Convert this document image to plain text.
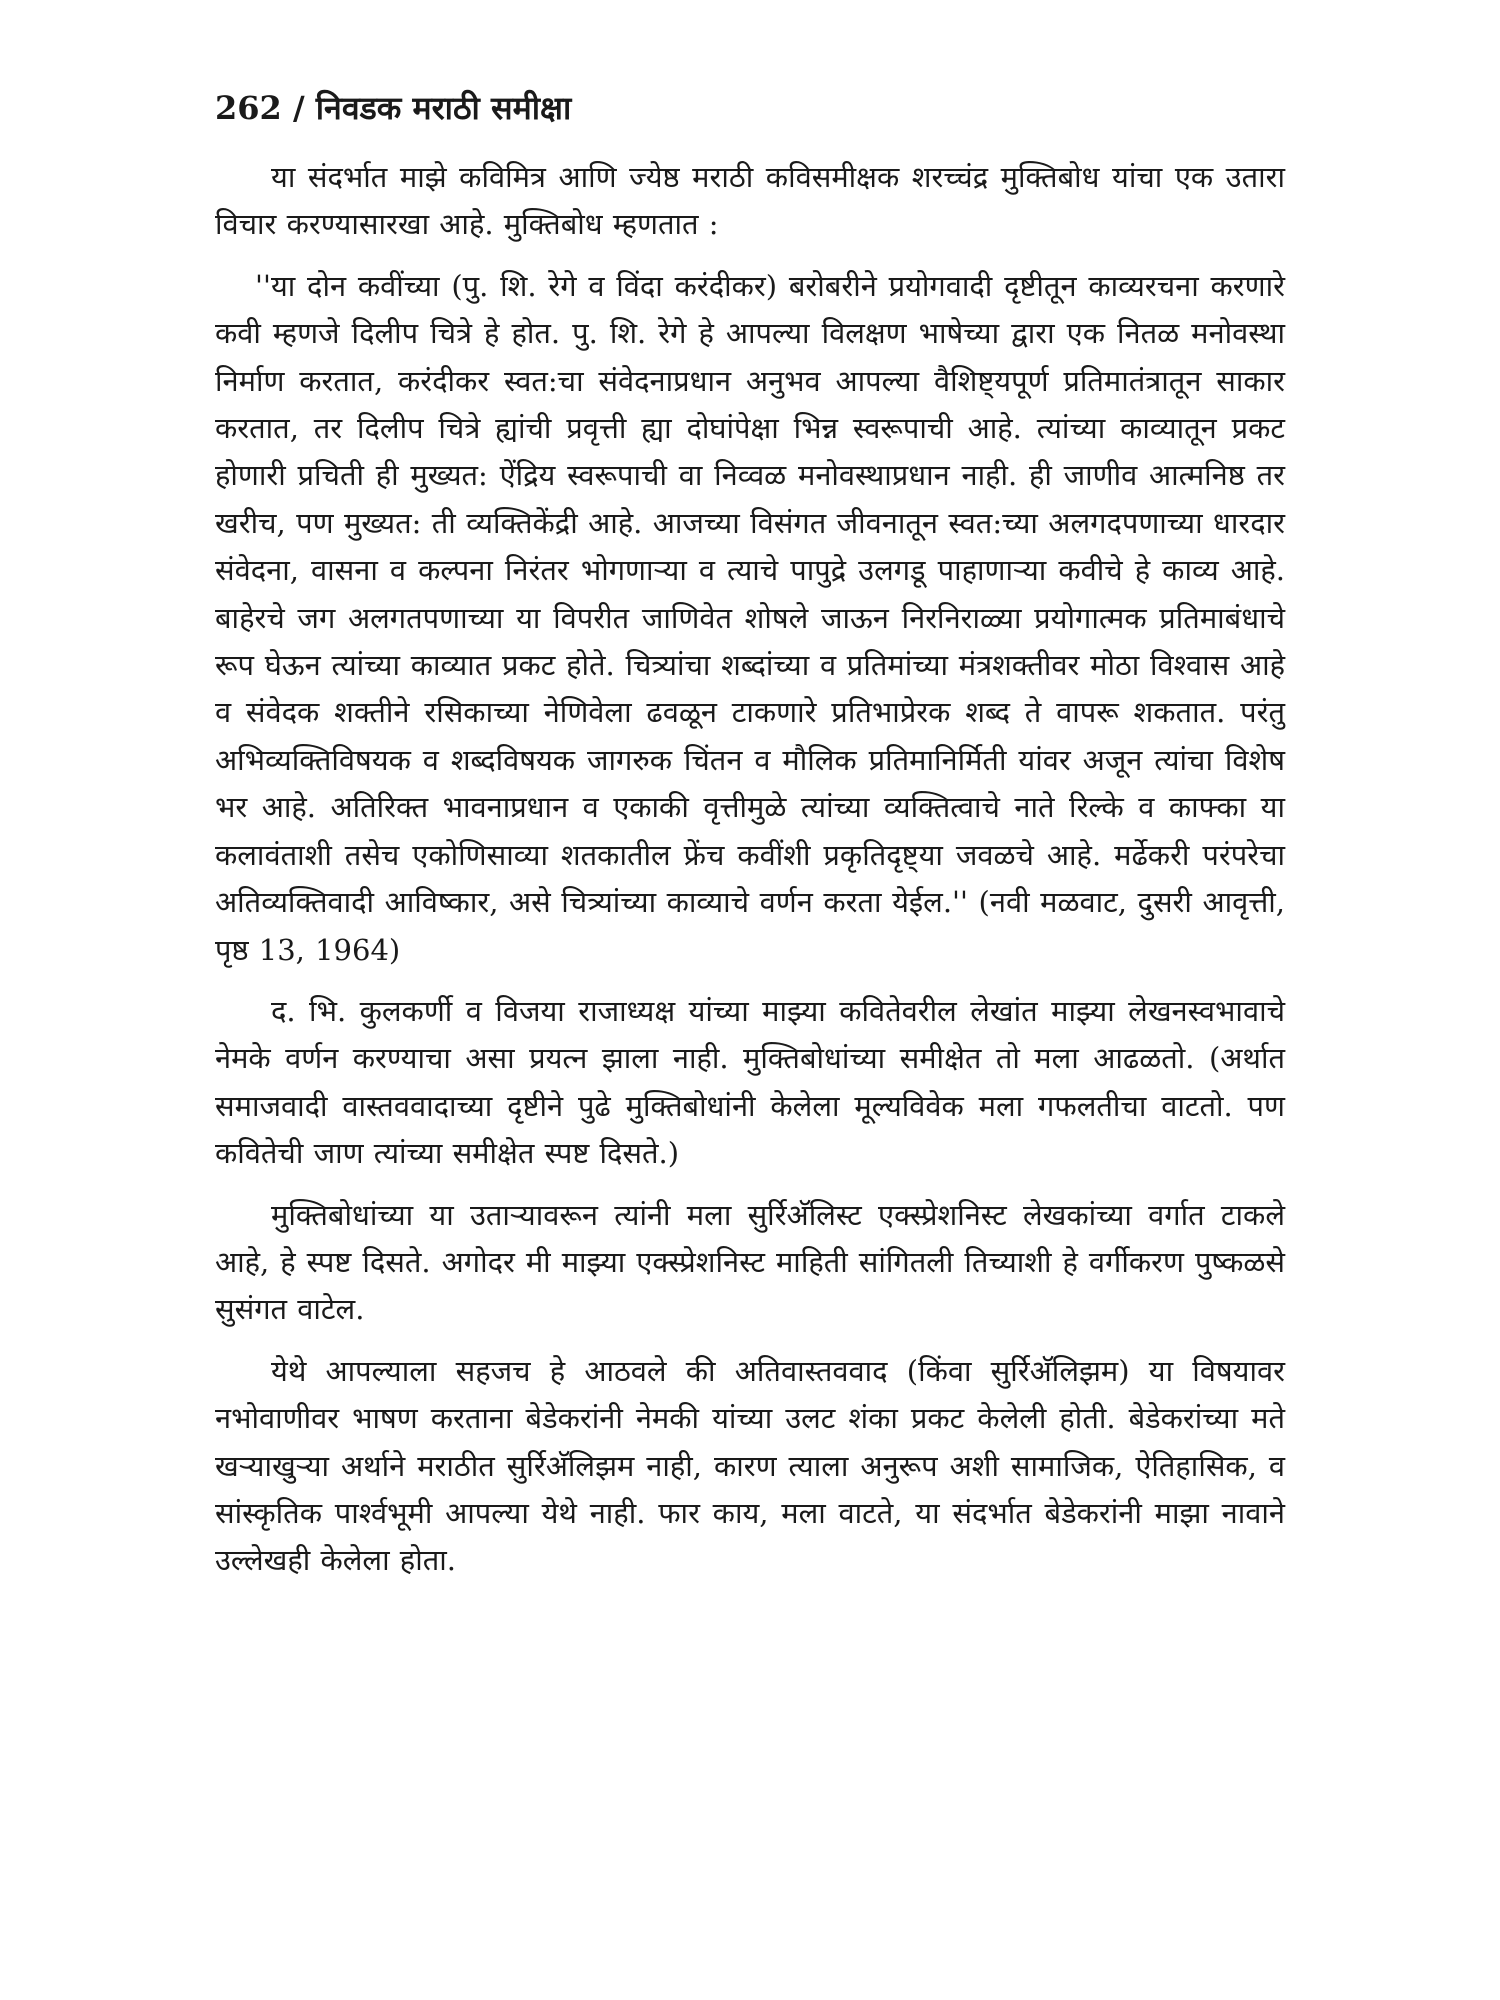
262 / निवडक मराठी समीक्षा

या संदर्भात माझे कविमित्र आणि ज्येष्ठ मराठी कविसमीक्षक शरच्चंद्र मुक्तिबोध यांचा एक उतारा विचार करण्यासारखा आहे. मुक्तिबोध म्हणतात :

''या दोन कवींच्या (पु. शि. रेगे व विंदा करंदीकर) बरोबरीने प्रयोगवादी दृष्टीतून काव्यरचना करणारे कवी म्हणजे दिलीप चित्रे हे होत. पु. शि. रेगे हे आपल्या विलक्षण भाषेच्या द्वारा एक नितळ मनोवस्था निर्माण करतात, करंदीकर स्वत:चा संवेदनाप्रधान अनुभव आपल्या वैशिष्ट्यपूर्ण प्रतिमातंत्रातून साकार करतात, तर दिलीप चित्रे ह्यांची प्रवृत्ती ह्या दोघांपेक्षा भिन्न स्वरूपाची आहे. त्यांच्या काव्यातून प्रकट होणारी प्रचिती ही मुख्यत: ऐंद्रिय स्वरूपाची वा निव्वळ मनोवस्थाप्रधान नाही. ही जाणीव आत्मनिष्ठ तर खरीच, पण मुख्यत: ती व्यक्तिकेंद्री आहे. आजच्या विसंगत जीवनातून स्वत:च्या अलगदपणाच्या धारदार संवेदना, वासना व कल्पना निरंतर भोगणाऱ्या व त्याचे पापुद्रे उलगडू पाहाणाऱ्या कवीचे हे काव्य आहे. बाहेरचे जग अलगतपणाच्या या विपरीत जाणिवेत शोषले जाऊन निरनिराळ्या प्रयोगात्मक प्रतिमाबंधाचे रूप घेऊन त्यांच्या काव्यात प्रकट होते. चित्र्यांचा शब्दांच्या व प्रतिमांच्या मंत्रशक्तीवर मोठा विश्वास आहे व संवेदक शक्तीने रसिकाच्या नेणिवेला ढवळून टाकणारे प्रतिभाप्रेरक शब्द ते वापरू शकतात. परंतु अभिव्यक्तिविषयक व शब्दविषयक जागरुक चिंतन व मौलिक प्रतिमानिर्मिती यांवर अजून त्यांचा विशेष भर आहे. अतिरिक्त भावनाप्रधान व एकाकी वृत्तीमुळे त्यांच्या व्यक्तित्वाचे नाते रिल्के व काफ्का या कलावंताशी तसेच एकोणिसाव्या शतकातील फ्रेंच कवींशी प्रकृतिदृष्ट्या जवळचे आहे. मर्ढेकरी परंपरेचा अतिव्यक्तिवादी आविष्कार, असे चित्र्यांच्या काव्याचे वर्णन करता येईल.'' (नवी मळवाट, दुसरी आवृत्ती, पृष्ठ 13, 1964)

द. भि. कुलकर्णी व विजया राजाध्यक्ष यांच्या माझ्या कवितेवरील लेखांत माझ्या लेखनस्वभावाचे नेमके वर्णन करण्याचा असा प्रयत्न झाला नाही. मुक्तिबोधांच्या समीक्षेत तो मला आढळतो. (अर्थात समाजवादी वास्तववादाच्या दृष्टीने पुढे मुक्तिबोधांनी केलेला मूल्यविवेक मला गफलतीचा वाटतो. पण कवितेची जाण त्यांच्या समीक्षेत स्पष्ट दिसते.)

मुक्तिबोधांच्या या उताऱ्यावरून त्यांनी मला सुर्रिअ‍ॅलिस्ट एक्स्प्रेशनिस्ट लेखकांच्या वर्गात टाकले आहे, हे स्पष्ट दिसते. अगोदर मी माझ्या एक्स्प्रेशनिस्ट माहिती सांगितली तिच्याशी हे वर्गीकरण पुष्कळसे सुसंगत वाटेल.

येथे आपल्याला सहजच हे आठवले की अतिवास्तववाद (किंवा सुर्रिअ‍ॅलिझम) या विषयावर नभोवाणीवर भाषण करताना बेडेकरांनी नेमकी यांच्या उलट शंका प्रकट केलेली होती. बेडेकरांच्या मते खऱ्याखुऱ्या अर्थाने मराठीत सुर्रिअ‍ॅलिझम नाही, कारण त्याला अनुरूप अशी सामाजिक, ऐतिहासिक, व सांस्कृतिक पार्श्वभूमी आपल्या येथे नाही. फार काय, मला वाटते, या संदर्भात बेडेकरांनी माझा नावाने उल्लेखही केलेला होता.
